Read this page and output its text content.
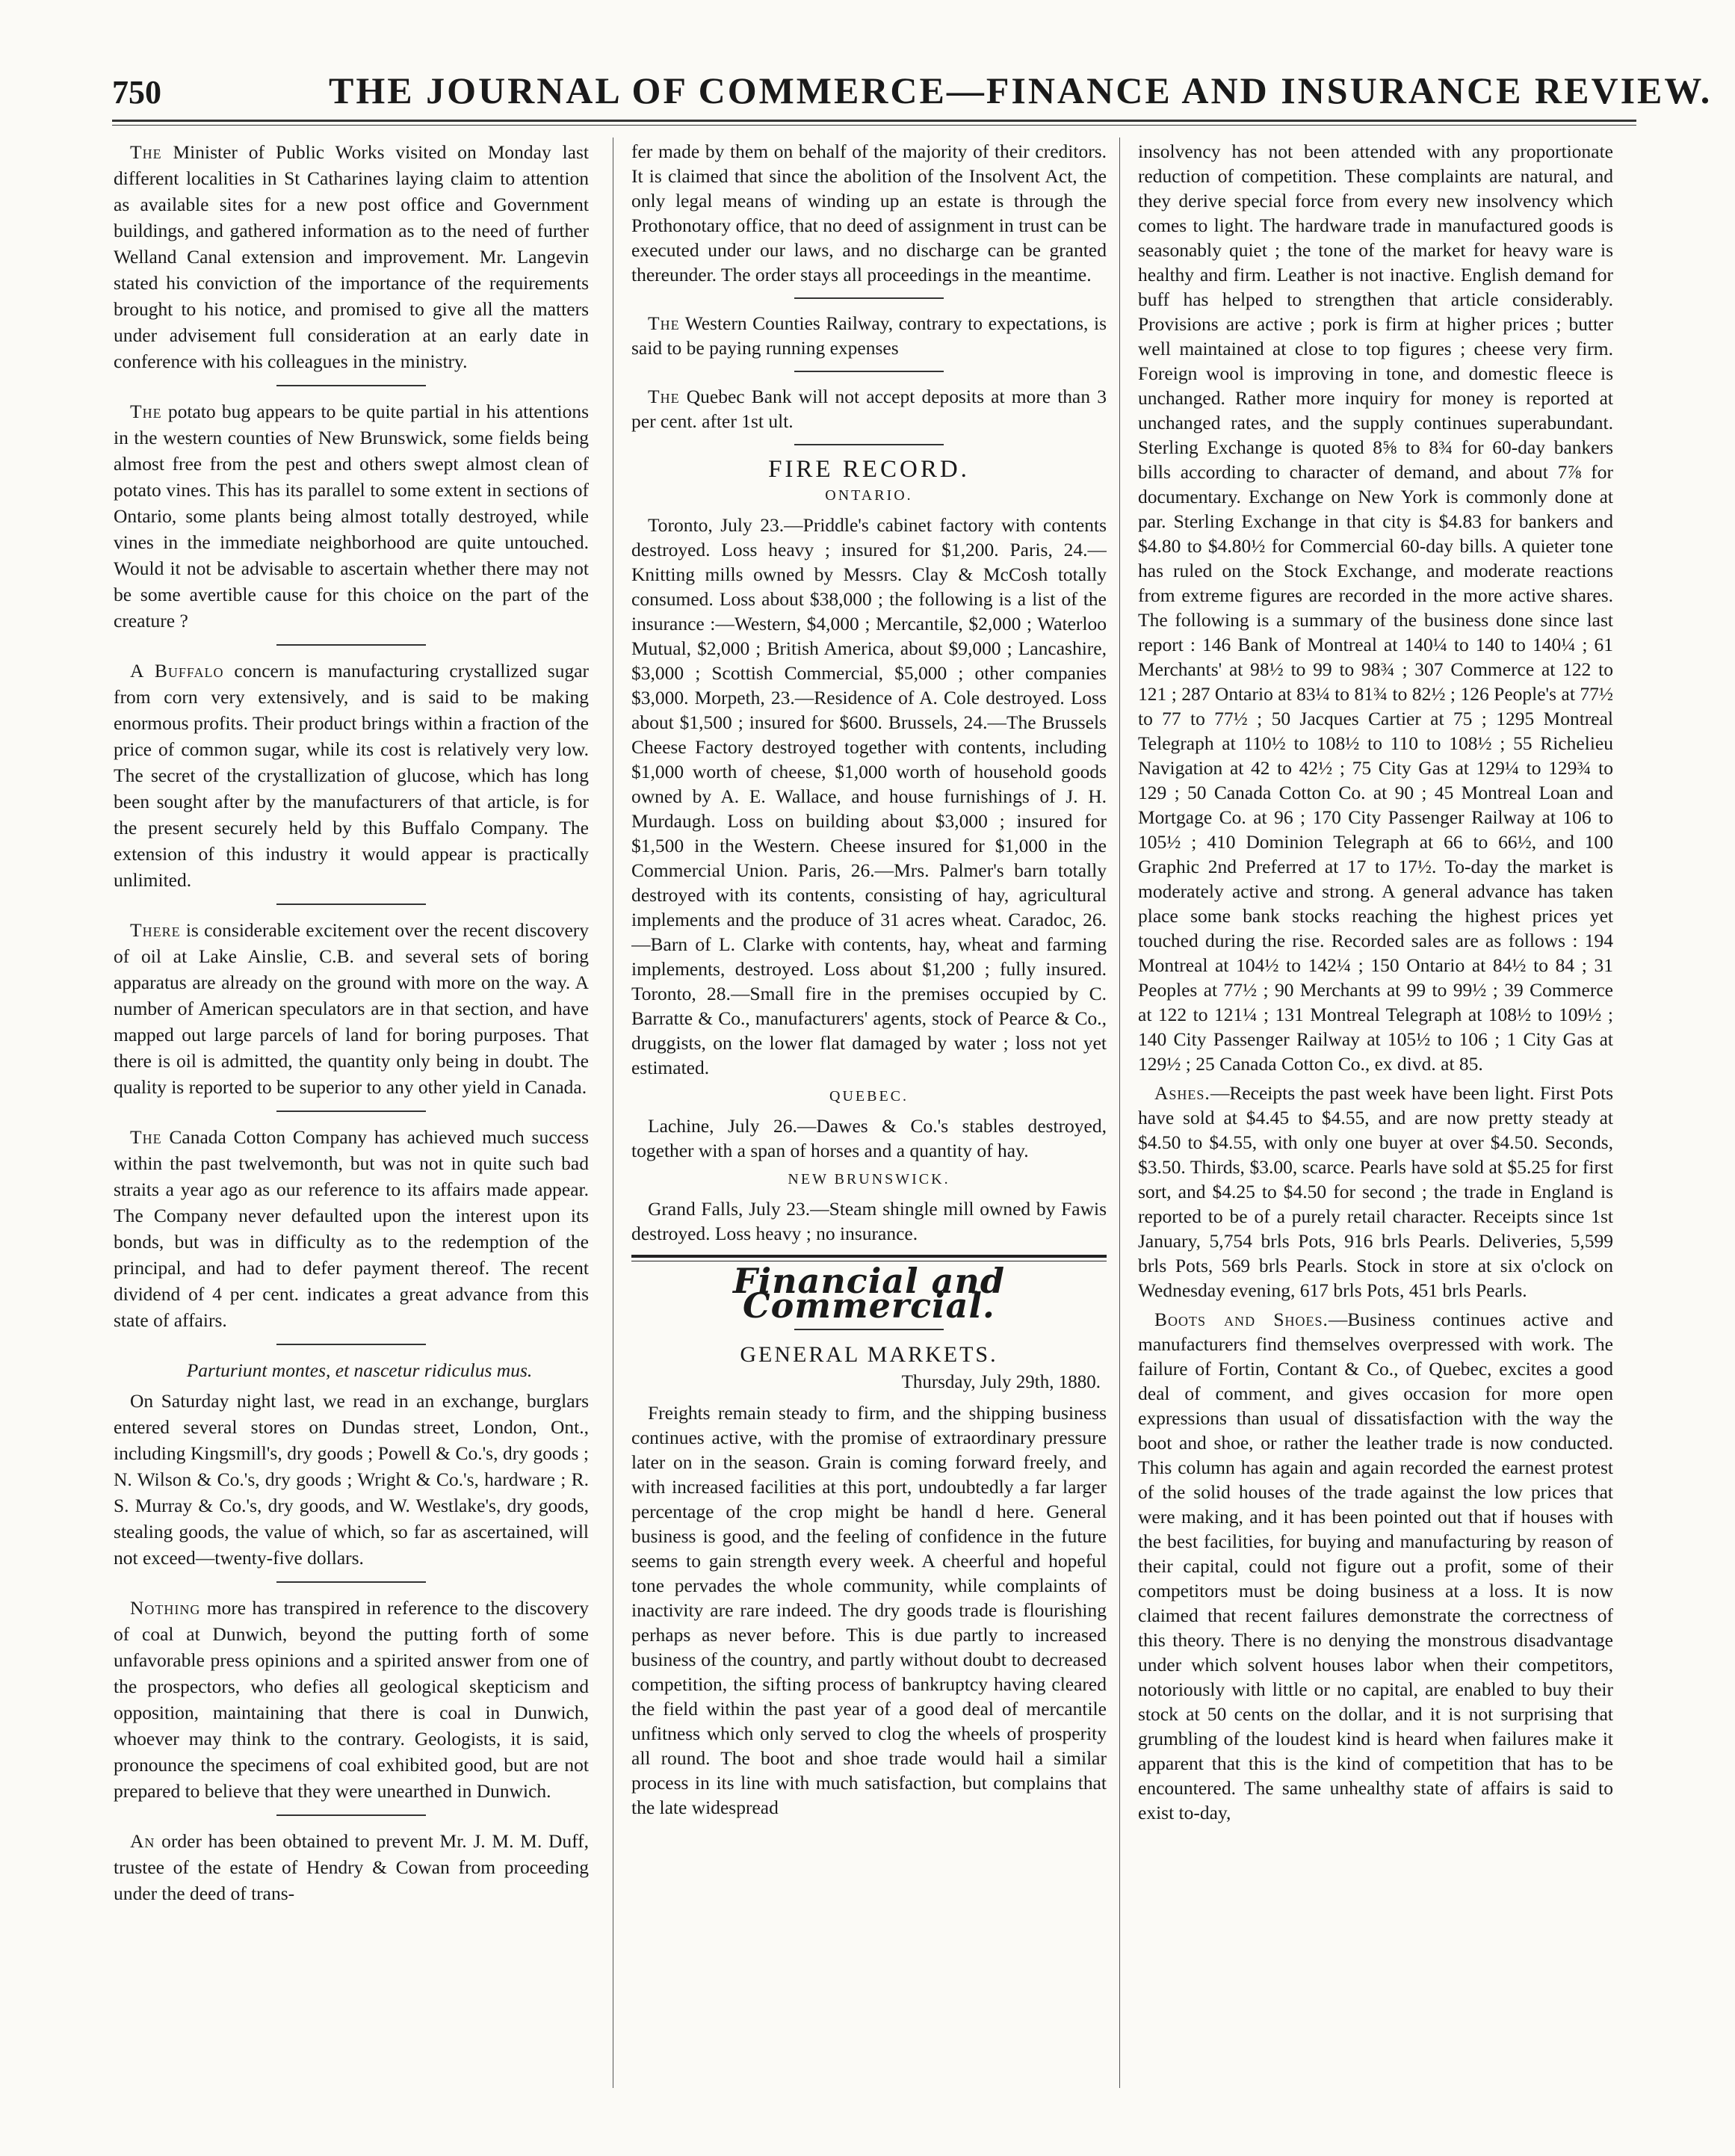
750	THE JOURNAL OF COMMERCE—FINANCE AND INSURANCE REVIEW.

The Minister of Public Works visited on Monday last different localities in St Catharines laying claim to attention as available sites for a new post office and Government buildings, and gathered information as to the need of further Welland Canal extension and improvement. Mr. Langevin stated his conviction of the importance of the requirements brought to his notice, and promised to give all the matters under advisement full consideration at an early date in conference with his colleagues in the ministry.

The potato bug appears to be quite partial in his attentions in the western counties of New Brunswick, some fields being almost free from the pest and others swept almost clean of potato vines. This has its parallel to some extent in sections of Ontario, some plants being almost totally destroyed, while vines in the immediate neighborhood are quite untouched. Would it not be advisable to ascertain whether there may not be some avertible cause for this choice on the part of the creature ?

A Buffalo concern is manufacturing crystallized sugar from corn very extensively, and is said to be making enormous profits. Their product brings within a fraction of the price of common sugar, while its cost is relatively very low. The secret of the crystallization of glucose, which has long been sought after by the manufacturers of that article, is for the present securely held by this Buffalo Company. The extension of this industry it would appear is practically unlimited.

There is considerable excitement over the recent discovery of oil at Lake Ainslie, C.B. and several sets of boring apparatus are already on the ground with more on the way. A number of American speculators are in that section, and have mapped out large parcels of land for boring purposes. That there is oil is admitted, the quantity only being in doubt. The quality is reported to be superior to any other yield in Canada.

The Canada Cotton Company has achieved much success within the past twelvemonth, but was not in quite such bad straits a year ago as our reference to its affairs made appear. The Company never defaulted upon the interest upon its bonds, but was in difficulty as to the redemption of the principal, and had to defer payment thereof. The recent dividend of 4 per cent. indicates a great advance from this state of affairs.

Parturiunt montes, et nascetur ridiculus mus.

On Saturday night last, we read in an exchange, burglars entered several stores on Dundas street, London, Ont., including Kingsmill's, dry goods ; Powell & Co.'s, dry goods ; N. Wilson & Co.'s, dry goods ; Wright & Co.'s, hardware ; R. S. Murray & Co.'s, dry goods, and W. Westlake's, dry goods, stealing goods, the value of which, so far as ascertained, will not exceed—twenty-five dollars.

Nothing more has transpired in reference to the discovery of coal at Dunwich, beyond the putting forth of some unfavorable press opinions and a spirited answer from one of the prospectors, who defies all geological skepticism and opposition, maintaining that there is coal in Dunwich, whoever may think to the contrary. Geologists, it is said, pronounce the specimens of coal exhibited good, but are not prepared to believe that they were unearthed in Dunwich.

An order has been obtained to prevent Mr. J. M. M. Duff, trustee of the estate of Hendry & Cowan from proceeding under the deed of trans-

fer made by them on behalf of the majority of their creditors. It is claimed that since the abolition of the Insolvent Act, the only legal means of winding up an estate is through the Prothonotary office, that no deed of assignment in trust can be executed under our laws, and no discharge can be granted thereunder. The order stays all proceedings in the meantime.

The Western Counties Railway, contrary to expectations, is said to be paying running expenses

The Quebec Bank will not accept deposits at more than 3 per cent. after 1st ult.

FIRE RECORD.
ONTARIO.

Toronto, July 23.—Priddle's cabinet factory with contents destroyed. Loss heavy ; insured for $1,200. Paris, 24.—Knitting mills owned by Messrs. Clay & McCosh totally consumed. Loss about $38,000 ; the following is a list of the insurance :—Western, $4,000 ; Mercantile, $2,000 ; Waterloo Mutual, $2,000 ; British America, about $9,000 ; Lancashire, $3,000 ; Scottish Commercial, $5,000 ; other companies $3,000. Morpeth, 23.—Residence of A. Cole destroyed. Loss about $1,500 ; insured for $600. Brussels, 24.—The Brussels Cheese Factory destroyed together with contents, including $1,000 worth of cheese, $1,000 worth of household goods owned by A. E. Wallace, and house furnishings of J. H. Murdaugh. Loss on building about $3,000 ; insured for $1,500 in the Western. Cheese insured for $1,000 in the Commercial Union. Paris, 26.—Mrs. Palmer's barn totally destroyed with its contents, consisting of hay, agricultural implements and the produce of 31 acres wheat. Caradoc, 26.—Barn of L. Clarke with contents, hay, wheat and farming implements, destroyed. Loss about $1,200 ; fully insured. Toronto, 28.—Small fire in the premises occupied by C. Barratte & Co., manufacturers' agents, stock of Pearce & Co., druggists, on the lower flat damaged by water ; loss not yet estimated.

QUEBEC.

Lachine, July 26.—Dawes & Co.'s stables destroyed, together with a span of horses and a quantity of hay.

NEW BRUNSWICK.

Grand Falls, July 23.—Steam shingle mill owned by Fawis destroyed. Loss heavy ; no insurance.

Financial and Commercial.
GENERAL MARKETS.
Thursday, July 29th, 1880.

Freights remain steady to firm, and the shipping business continues active, with the promise of extraordinary pressure later on in the season. Grain is coming forward freely, and with increased facilities at this port, undoubtedly a far larger percentage of the crop might be handl d here. General business is good, and the feeling of confidence in the future seems to gain strength every week. A cheerful and hopeful tone pervades the whole community, while complaints of inactivity are rare indeed. The dry goods trade is flourishing perhaps as never before. This is due partly to increased business of the country, and partly without doubt to decreased competition, the sifting process of bankruptcy having cleared the field within the past year of a good deal of mercantile unfitness which only served to clog the wheels of prosperity all round. The boot and shoe trade would hail a similar process in its line with much satisfaction, but complains that the late widespread

insolvency has not been attended with any proportionate reduction of competition. These complaints are natural, and they derive special force from every new insolvency which comes to light. The hardware trade in manufactured goods is seasonably quiet ; the tone of the market for heavy ware is healthy and firm. Leather is not inactive. English demand for buff has helped to strengthen that article considerably. Provisions are active ; pork is firm at higher prices ; butter well maintained at close to top figures ; cheese very firm. Foreign wool is improving in tone, and domestic fleece is unchanged. Rather more inquiry for money is reported at unchanged rates, and the supply continues superabundant. Sterling Exchange is quoted 8⅝ to 8¾ for 60-day bankers bills according to character of demand, and about 7⅞ for documentary. Exchange on New York is commonly done at par. Sterling Exchange in that city is $4.83 for bankers and $4.80 to $4.80½ for Commercial 60-day bills. A quieter tone has ruled on the Stock Exchange, and moderate reactions from extreme figures are recorded in the more active shares. The following is a summary of the business done since last report : 146 Bank of Montreal at 140¼ to 140 to 140¼ ; 61 Merchants' at 98½ to 99 to 98¾ ; 307 Commerce at 122 to 121 ; 287 Ontario at 83¼ to 81¾ to 82½ ; 126 People's at 77½ to 77 to 77½ ; 50 Jacques Cartier at 75 ; 1295 Montreal Telegraph at 110½ to 108½ to 110 to 108½ ; 55 Richelieu Navigation at 42 to 42½ ; 75 City Gas at 129¼ to 129¾ to 129 ; 50 Canada Cotton Co. at 90 ; 45 Montreal Loan and Mortgage Co. at 96 ; 170 City Passenger Railway at 106 to 105½ ; 410 Dominion Telegraph at 66 to 66½, and 100 Graphic 2nd Preferred at 17 to 17½. To-day the market is moderately active and strong. A general advance has taken place some bank stocks reaching the highest prices yet touched during the rise. Recorded sales are as follows : 194 Montreal at 104½ to 142¼ ; 150 Ontario at 84½ to 84 ; 31 Peoples at 77½ ; 90 Merchants at 99 to 99½ ; 39 Commerce at 122 to 121¼ ; 131 Montreal Telegraph at 108½ to 109½ ; 140 City Passenger Railway at 105½ to 106 ; 1 City Gas at 129½ ; 25 Canada Cotton Co., ex divd. at 85.

Ashes.—Receipts the past week have been light. First Pots have sold at $4.45 to $4.55, and are now pretty steady at $4.50 to $4.55, with only one buyer at over $4.50. Seconds, $3.50. Thirds, $3.00, scarce. Pearls have sold at $5.25 for first sort, and $4.25 to $4.50 for second ; the trade in England is reported to be of a purely retail character. Receipts since 1st January, 5,754 brls Pots, 916 brls Pearls. Deliveries, 5,599 brls Pots, 569 brls Pearls. Stock in store at six o'clock on Wednesday evening, 617 brls Pots, 451 brls Pearls.

Boots and Shoes.—Business continues active and manufacturers find themselves overpressed with work. The failure of Fortin, Contant & Co., of Quebec, excites a good deal of comment, and gives occasion for more open expressions than usual of dissatisfaction with the way the boot and shoe, or rather the leather trade is now conducted. This column has again and again recorded the earnest protest of the solid houses of the trade against the low prices that were making, and it has been pointed out that if houses with the best facilities, for buying and manufacturing by reason of their capital, could not figure out a profit, some of their competitors must be doing business at a loss. It is now claimed that recent failures demonstrate the correctness of this theory. There is no denying the monstrous disadvantage under which solvent houses labor when their competitors, notoriously with little or no capital, are enabled to buy their stock at 50 cents on the dollar, and it is not surprising that grumbling of the loudest kind is heard when failures make it apparent that this is the kind of competition that has to be encountered. The same unhealthy state of affairs is said to exist to-day,
